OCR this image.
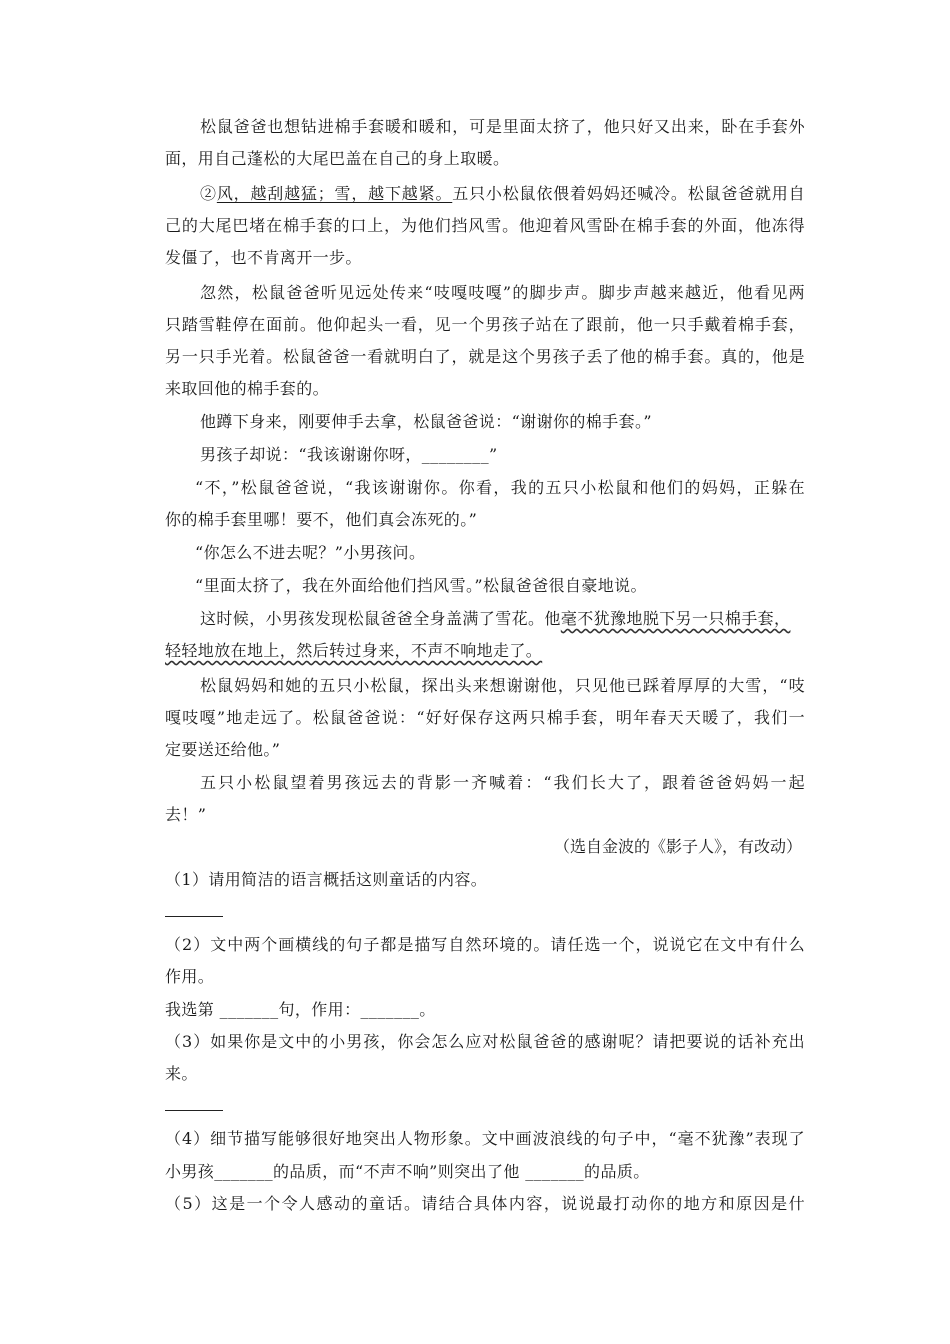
松鼠爸爸也想钻进棉手套暖和暖和，可是里面太挤了，他只好又出来，卧在手套外
面，用自己蓬松的大尾巴盖在自己的身上取暖。
②风，越刮越猛；雪，越下越紧。五只小松鼠依偎着妈妈还喊冷。松鼠爸爸就用自
己的大尾巴堵在棉手套的口上，为他们挡风雪。他迎着风雪卧在棉手套的外面，他冻得
发僵了，也不肯离开一步。
忽然，松鼠爸爸听见远处传来“吱嘎吱嘎”的脚步声。脚步声越来越近，他看见两
只踏雪鞋停在面前。他仰起头一看，见一个男孩子站在了跟前，他一只手戴着棉手套，
另一只手光着。松鼠爸爸一看就明白了，就是这个男孩子丢了他的棉手套。真的，他是
来取回他的棉手套的。
他蹲下身来，刚要伸手去拿，松鼠爸爸说：“谢谢你的棉手套。”
男孩子却说：“我该谢谢你呀，________”
“不，”松鼠爸爸说，“我该谢谢你。你看，我的五只小松鼠和他们的妈妈，正躲在
你的棉手套里哪！要不，他们真会冻死的。”
“你怎么不进去呢？”小男孩问。
“里面太挤了，我在外面给他们挡风雪。”松鼠爸爸很自豪地说。
这时候，小男孩发现松鼠爸爸全身盖满了雪花。他毫不犹豫地脱下另一只棉手套，
轻轻地放在地上，然后转过身来，不声不响地走了。
松鼠妈妈和她的五只小松鼠，探出头来想谢谢他，只见他已踩着厚厚的大雪，“吱
嘎吱嘎”地走远了。松鼠爸爸说：“好好保存这两只棉手套，明年春天天暖了，我们一
定要送还给他。”
五只小松鼠望着男孩远去的背影一齐喊着：“我们长大了，跟着爸爸妈妈一起
去！”
（选自金波的《影子人》，有改动）
（1）请用简洁的语言概括这则童话的内容。
（2）文中两个画横线的句子都是描写自然环境的。请任选一个，说说它在文中有什么
作用。
我选第 _______句，作用：_______。
（3）如果你是文中的小男孩，你会怎么应对松鼠爸爸的感谢呢？请把要说的话补充出
来。
（4）细节描写能够很好地突出人物形象。文中画波浪线的句子中，“毫不犹豫”表现了
小男孩_______的品质，而“不声不响”则突出了他 _______的品质。
（5）这是一个令人感动的童话。请结合具体内容，说说最打动你的地方和原因是什
